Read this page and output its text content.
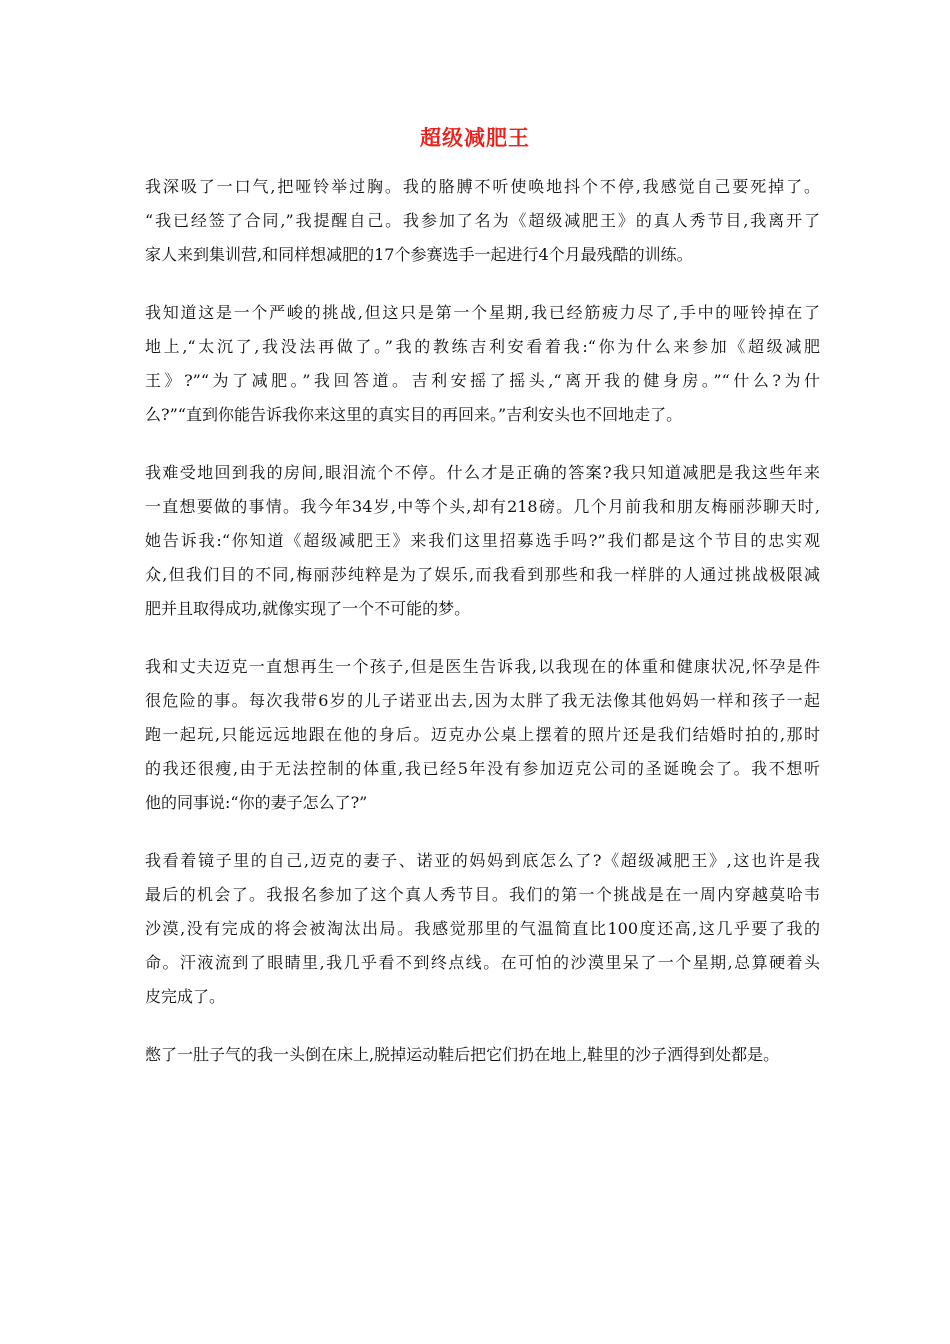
超级减肥王
我深吸了一口气,把哑铃举过胸。我的胳膊不听使唤地抖个不停,我感觉自己要死掉了。
“我已经签了合同,”我提醒自己。我参加了名为《超级减肥王》的真人秀节目,我离开了
家人来到集训营,和同样想减肥的17个参赛选手一起进行4个月最残酷的训练。
我知道这是一个严峻的挑战,但这只是第一个星期,我已经筋疲力尽了,手中的哑铃掉在了
地上,“太沉了,我没法再做了。”我的教练吉利安看着我:“你为什么来参加《超级减肥
王》?”“为了减肥。”我回答道。吉利安摇了摇头,“离开我的健身房。”“什么?为什
么?”“直到你能告诉我你来这里的真实目的再回来。”吉利安头也不回地走了。
我难受地回到我的房间,眼泪流个不停。什么才是正确的答案?我只知道减肥是我这些年来
一直想要做的事情。我今年34岁,中等个头,却有218磅。几个月前我和朋友梅丽莎聊天时,
她告诉我:“你知道《超级减肥王》来我们这里招募选手吗?”我们都是这个节目的忠实观
众,但我们目的不同,梅丽莎纯粹是为了娱乐,而我看到那些和我一样胖的人通过挑战极限减
肥并且取得成功,就像实现了一个不可能的梦。
我和丈夫迈克一直想再生一个孩子,但是医生告诉我,以我现在的体重和健康状况,怀孕是件
很危险的事。每次我带6岁的儿子诺亚出去,因为太胖了我无法像其他妈妈一样和孩子一起
跑一起玩,只能远远地跟在他的身后。迈克办公桌上摆着的照片还是我们结婚时拍的,那时
的我还很瘦,由于无法控制的体重,我已经5年没有参加迈克公司的圣诞晚会了。我不想听
他的同事说:“你的妻子怎么了?”
我看着镜子里的自己,迈克的妻子、诺亚的妈妈到底怎么了?《超级减肥王》,这也许是我
最后的机会了。我报名参加了这个真人秀节目。我们的第一个挑战是在一周内穿越莫哈韦
沙漠,没有完成的将会被淘汰出局。我感觉那里的气温简直比100度还高,这几乎要了我的
命。汗液流到了眼睛里,我几乎看不到终点线。在可怕的沙漠里呆了一个星期,总算硬着头
皮完成了。
憋了一肚子气的我一头倒在床上,脱掉运动鞋后把它们扔在地上,鞋里的沙子洒得到处都是。
